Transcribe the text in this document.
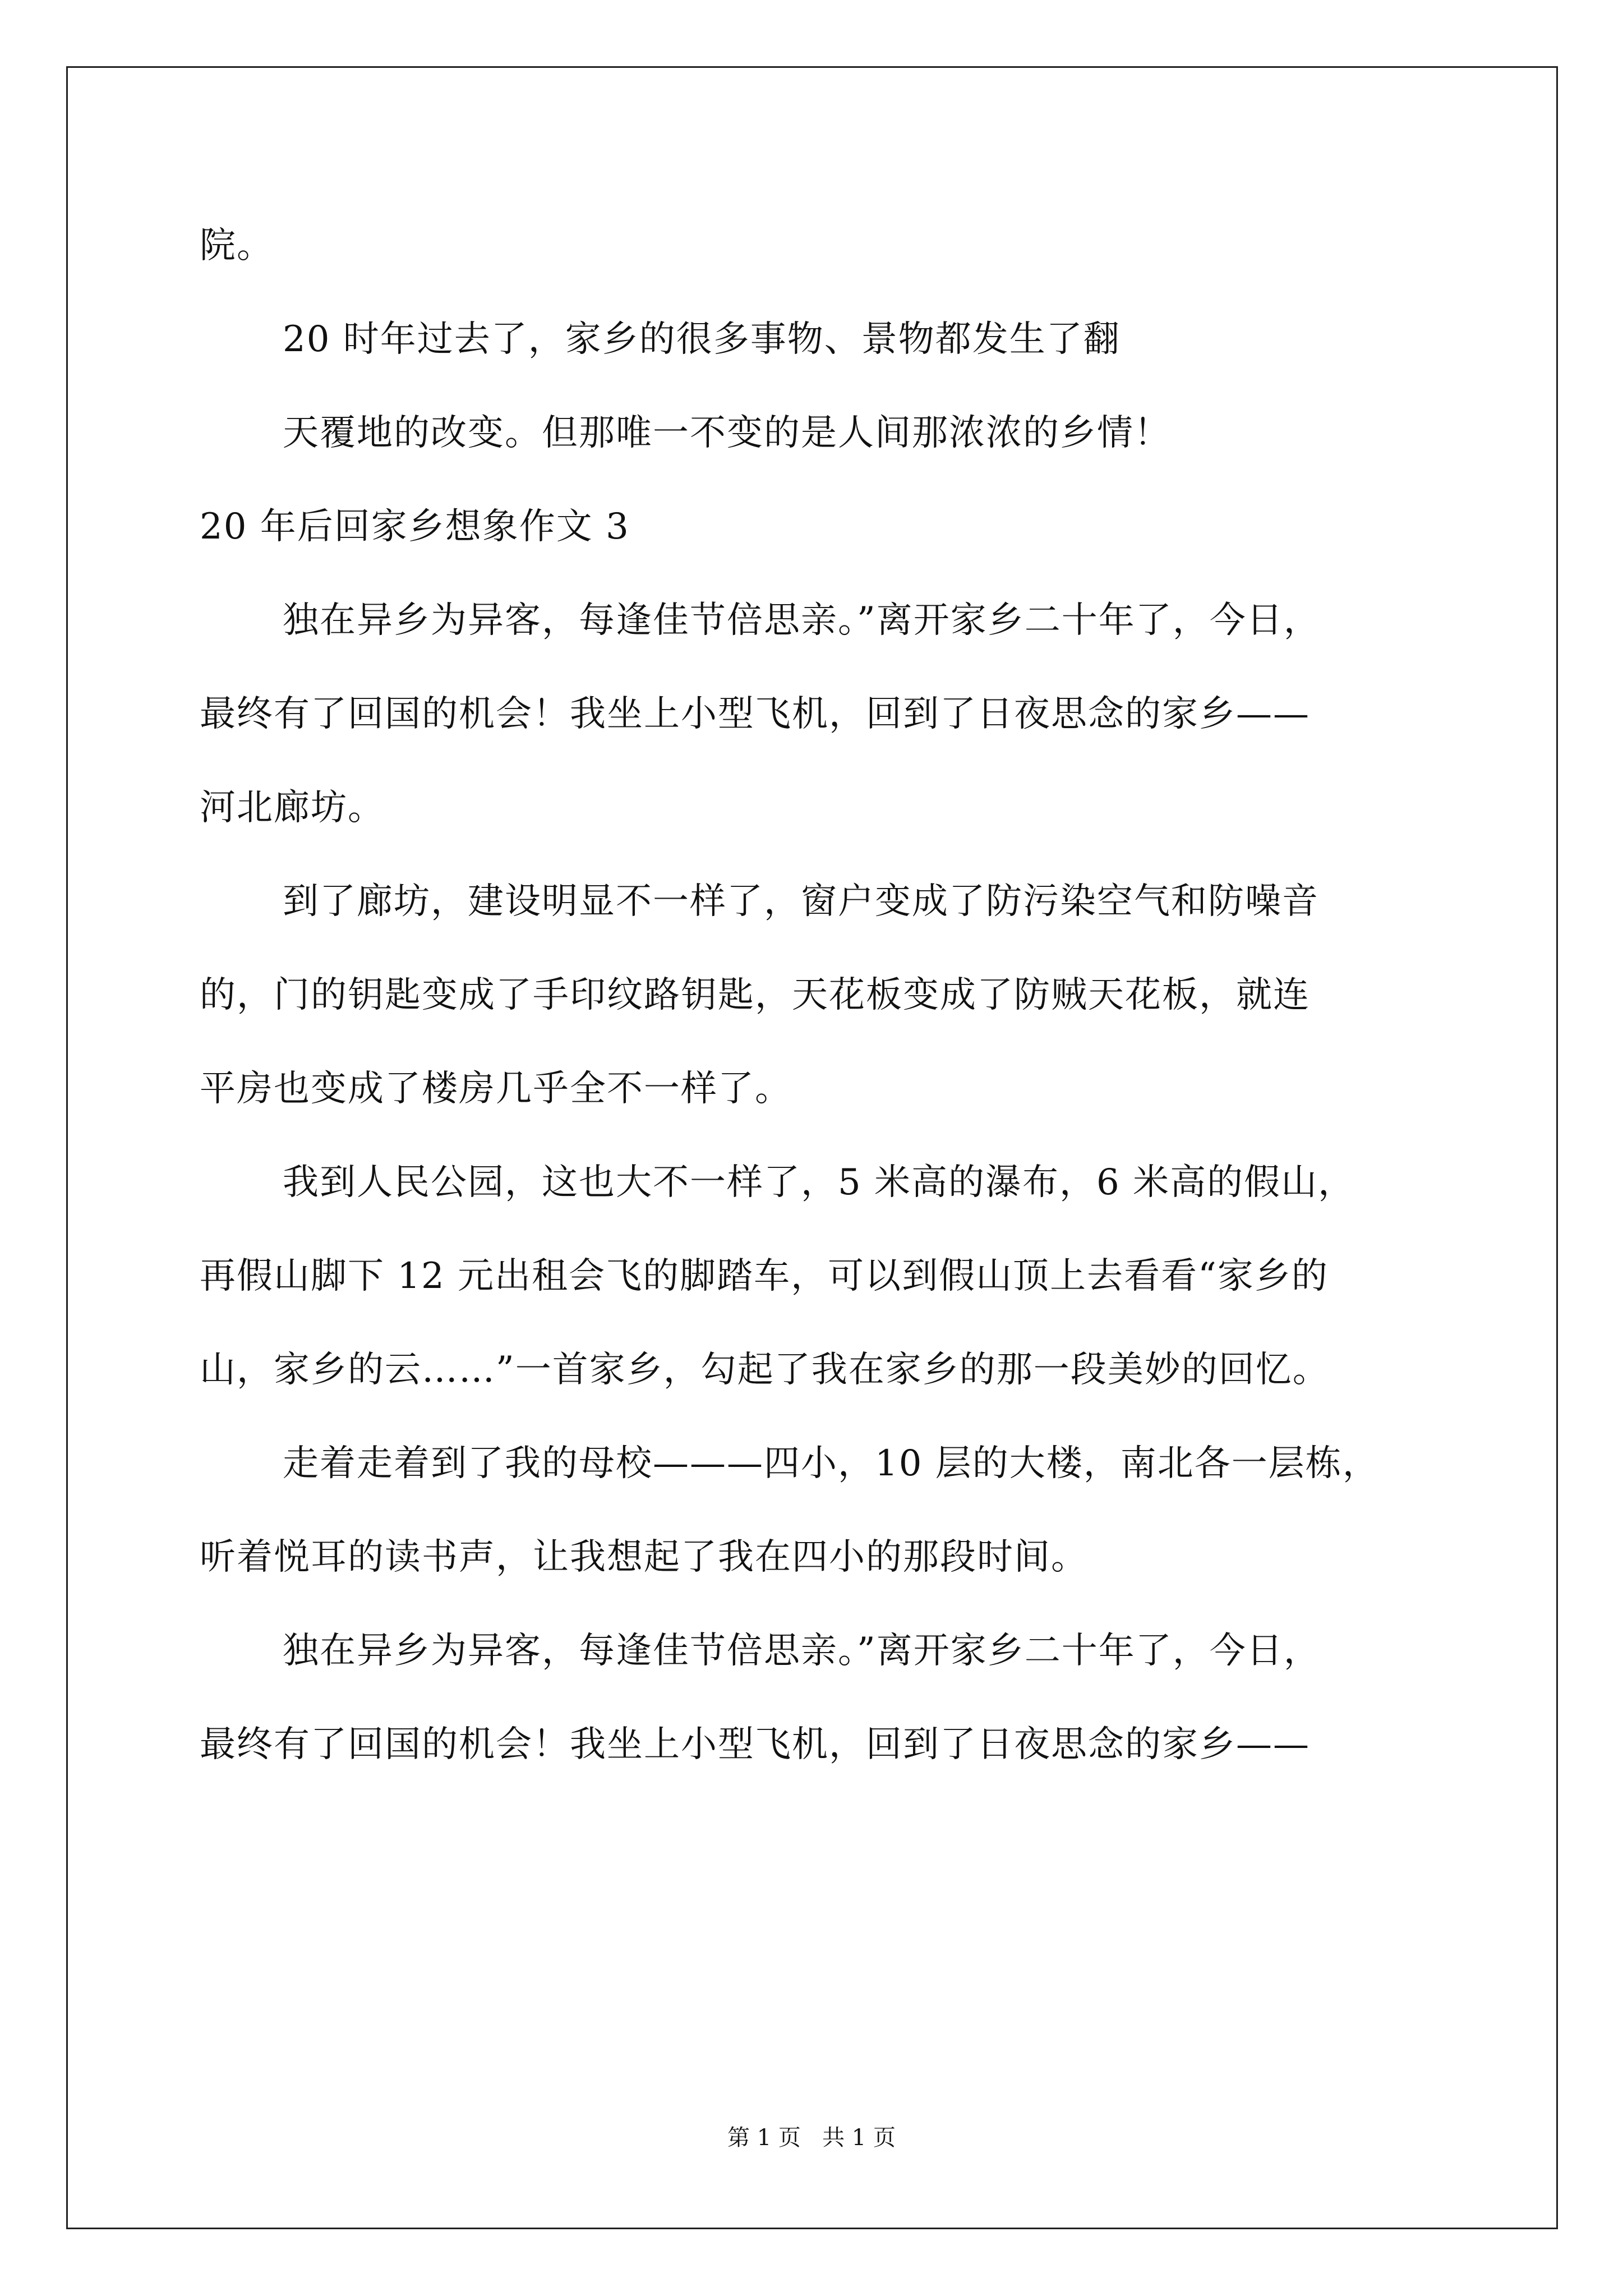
院。
20 时年过去了，家乡的很多事物、景物都发生了翻
天覆地的改变。但那唯一不变的是人间那浓浓的乡情！
20 年后回家乡想象作文 3
独在异乡为异客，每逢佳节倍思亲。”离开家乡二十年了，今日，
最终有了回国的机会！我坐上小型飞机，回到了日夜思念的家乡——
河北廊坊。
到了廊坊，建设明显不一样了，窗户变成了防污染空气和防噪音
的，门的钥匙变成了手印纹路钥匙，天花板变成了防贼天花板，就连
平房也变成了楼房几乎全不一样了。
我到人民公园，这也大不一样了，5 米高的瀑布，6 米高的假山，
再假山脚下 12 元出租会飞的脚踏车，可以到假山顶上去看看“家乡的
山，家乡的云……”一首家乡，勾起了我在家乡的那一段美妙的回忆。
走着走着到了我的母校———四小，10 层的大楼，南北各一层栋，
听着悦耳的读书声，让我想起了我在四小的那段时间。
独在异乡为异客，每逢佳节倍思亲。”离开家乡二十年了，今日，
最终有了回国的机会！我坐上小型飞机，回到了日夜思念的家乡——
第 1 页   共 1 页
